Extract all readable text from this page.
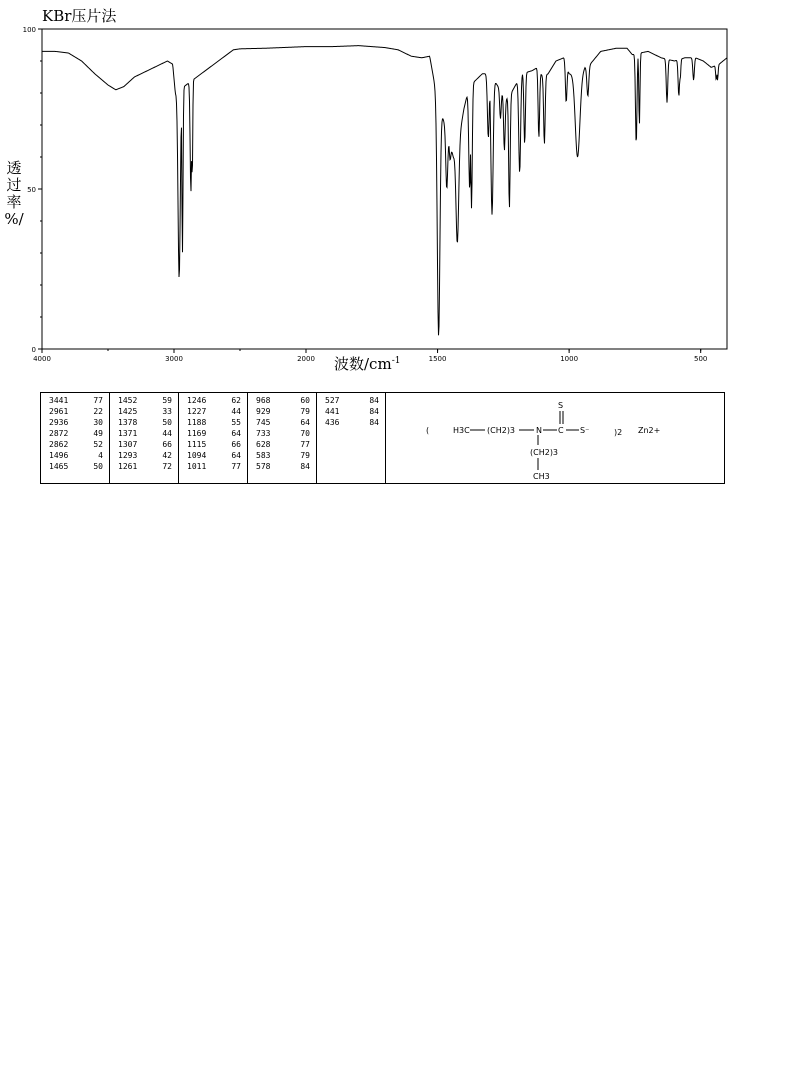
KBr压片法
透
过
率
%/
波数$/cm^{-1}$
4000	3000	2000	1500	1000	500
0
50
100
3441	77
2961	22
2936	30
2872	49
2862	52
1496	4
1465	50

1452	59
1425	33
1378	50
1371	44
1307	66
1293	42
1261	72

1246	62
1227	44
1188	55
1169	64
1115	66
1094	64
1011	77

968	60
929	79
745	64
733	70
628	77
583	79
578	84

527	84
441	84
436	84
(	H3C (CH2)3	N C
S
S⁻	)2 Zn2+
(CH2)3
CH3
